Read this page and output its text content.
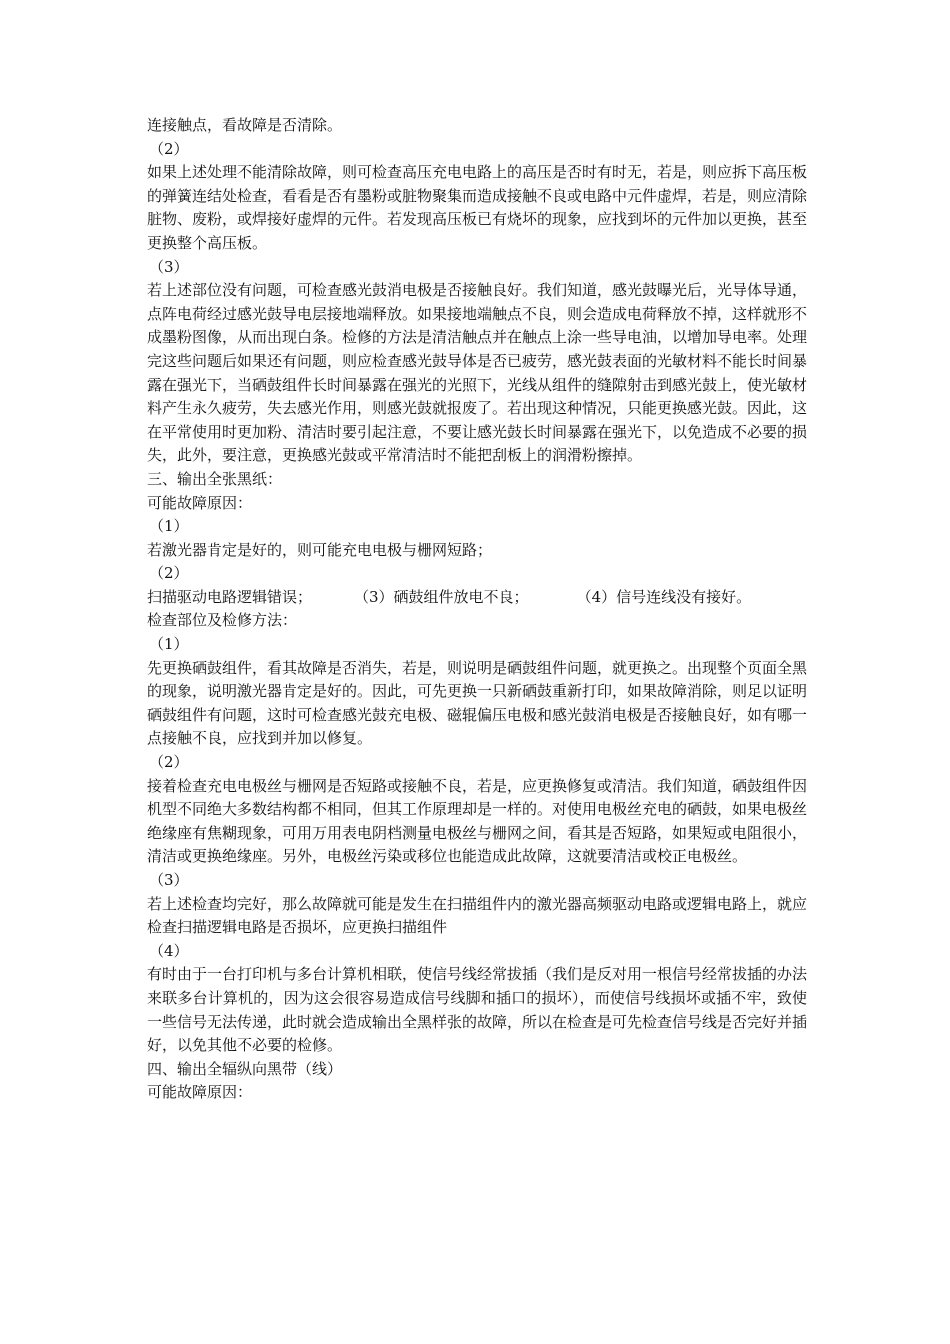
连接触点，看故障是否清除。

（2）

如果上述处理不能清除故障，则可检查高压充电电路上的高压是否时有时无，若是，则应拆下高压板的弹簧连结处检查，看看是否有墨粉或脏物聚集而造成接触不良或电路中元件虚焊，若是，则应清除脏物、废粉，或焊接好虚焊的元件。若发现高压板已有烧坏的现象，应找到坏的元件加以更换，甚至更换整个高压板。

（3）

若上述部位没有问题，可检查感光鼓消电极是否接触良好。我们知道，感光鼓曝光后，光导体导通，点阵电荷经过感光鼓导电层接地端释放。如果接地端触点不良，则会造成电荷释放不掉，这样就形不成墨粉图像，从而出现白条。检修的方法是清洁触点并在触点上涂一些导电油，以增加导电率。处理完这些问题后如果还有问题，则应检查感光鼓导体是否已疲劳，感光鼓表面的光敏材料不能长时间暴露在强光下，当硒鼓组件长时间暴露在强光的光照下，光线从组件的缝隙射击到感光鼓上，使光敏材料产生永久疲劳，失去感光作用，则感光鼓就报废了。若出现这种情况，只能更换感光鼓。因此，这在平常使用时更加粉、清洁时要引起注意，不要让感光鼓长时间暴露在强光下，以免造成不必要的损失，此外，要注意，更换感光鼓或平常清洁时不能把刮板上的润滑粉擦掉。

三、输出全张黑纸：

可能故障原因：

（1）

若激光器肯定是好的，则可能充电电极与栅网短路；

（2）

扫描驱动电路逻辑错误；	（3）硒鼓组件放电不良；	（4）信号连线没有接好。

检查部位及检修方法：

（1）

先更换硒鼓组件，看其故障是否消失，若是，则说明是硒鼓组件问题，就更换之。出现整个页面全黑的现象，说明激光器肯定是好的。因此，可先更换一只新硒鼓重新打印，如果故障消除，则足以证明硒鼓组件有问题，这时可检查感光鼓充电极、磁辊偏压电极和感光鼓消电极是否接触良好，如有哪一点接触不良，应找到并加以修复。

（2）

接着检查充电电极丝与栅网是否短路或接触不良，若是，应更换修复或清洁。我们知道，硒鼓组件因机型不同绝大多数结构都不相同，但其工作原理却是一样的。对使用电极丝充电的硒鼓，如果电极丝绝缘座有焦糊现象，可用万用表电阴档测量电极丝与栅网之间，看其是否短路，如果短或电阻很小，清洁或更换绝缘座。另外，电极丝污染或移位也能造成此故障，这就要清洁或校正电极丝。

（3）

若上述检查均完好，那么故障就可能是发生在扫描组件内的激光器高频驱动电路或逻辑电路上，就应检查扫描逻辑电路是否损坏，应更换扫描组件

（4）

有时由于一台打印机与多台计算机相联，使信号线经常拔插（我们是反对用一根信号经常拔插的办法来联多台计算机的，因为这会很容易造成信号线脚和插口的损坏），而使信号线损坏或插不牢，致使一些信号无法传递，此时就会造成输出全黑样张的故障，所以在检查是可先检查信号线是否完好并插好，以免其他不必要的检修。

四、输出全辐纵向黑带（线）

可能故障原因：
